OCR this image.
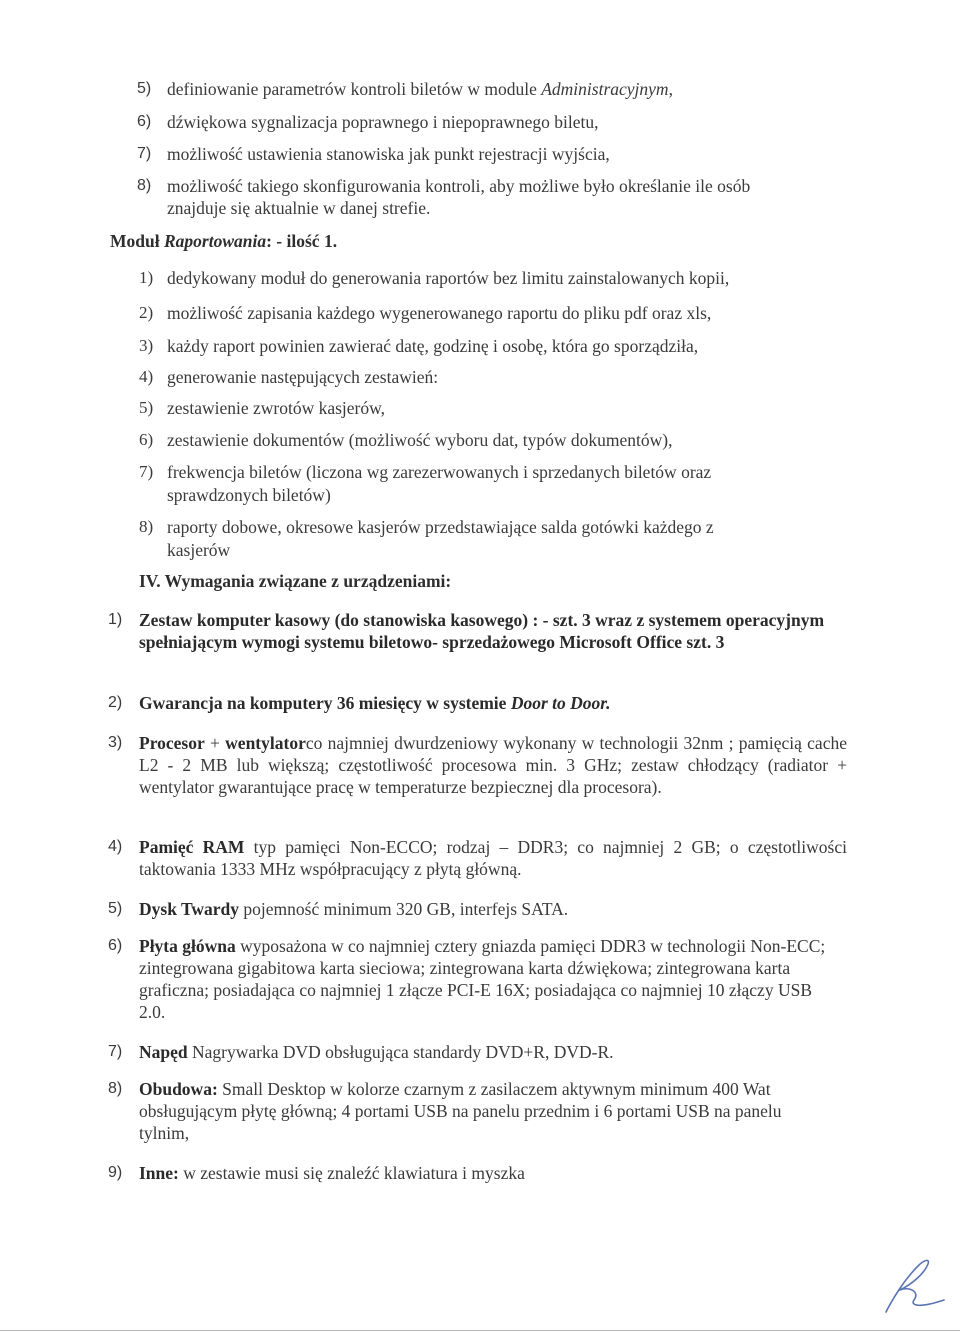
5) definiowanie parametrów kontroli biletów w module Administracyjnym,
6) dźwiękowa sygnalizacja poprawnego i niepoprawnego biletu,
7) możliwość ustawienia stanowiska jak punkt rejestracji wyjścia,
8) możliwość takiego skonfigurowania kontroli, aby możliwe było określanie ile osób
znajduje się aktualnie w danej strefie.
Moduł Raportowania: - ilość 1.
1) dedykowany moduł do generowania raportów bez limitu zainstalowanych kopii,
2) możliwość zapisania każdego wygenerowanego raportu do pliku pdf oraz xls,
3) każdy raport powinien zawierać datę, godzinę i osobę, która go sporządziła,
4) generowanie następujących zestawień:
5) zestawienie zwrotów kasjerów,
6) zestawienie dokumentów (możliwość wyboru dat, typów dokumentów),
7) frekwencja biletów (liczona wg zarezerwowanych i sprzedanych biletów oraz
sprawdzonych biletów)
8) raporty dobowe, okresowe kasjerów przedstawiające salda gotówki każdego z
kasjerów
IV. Wymagania związane z urządzeniami:
1) Zestaw komputer kasowy (do stanowiska kasowego) : - szt. 3 wraz z systemem operacyjnym spełniającym wymogi systemu biletowo- sprzedażowego Microsoft Office szt. 3
2) Gwarancja na komputery 36 miesięcy w systemie Door to Door.
3) Procesor + wentylatorco najmniej dwurdzeniowy wykonany w technologii 32nm ; pamięcią cache L2 - 2 MB lub większą; częstotliwość procesowa min. 3 GHz; zestaw chłodzący (radiator + wentylator gwarantujące pracę w temperaturze bezpiecznej dla procesora).
4) Pamięć RAM typ pamięci Non-ECCO; rodzaj – DDR3; co najmniej 2 GB; o częstotliwości taktowania 1333 MHz współpracujący z płytą główną.
5) Dysk Twardy pojemność minimum 320 GB, interfejs SATA.
6) Płyta główna wyposażona w co najmniej cztery gniazda pamięci DDR3 w technologii Non-ECC; zintegrowana gigabitowa karta sieciowa; zintegrowana karta dźwiękowa; zintegrowana karta graficzna; posiadająca co najmniej 1 złącze PCI-E 16X; posiadająca co najmniej 10 złączy USB 2.0.
7) Napęd Nagrywarka DVD obsługująca standardy DVD+R, DVD-R.
8) Obudowa: Small Desktop w kolorze czarnym z zasilaczem aktywnym minimum 400 Wat obsługującym płytę główną; 4 portami USB na panelu przednim i 6 portami USB na panelu tylnim,
9) Inne: w zestawie musi się znaleźć klawiatura i myszka
